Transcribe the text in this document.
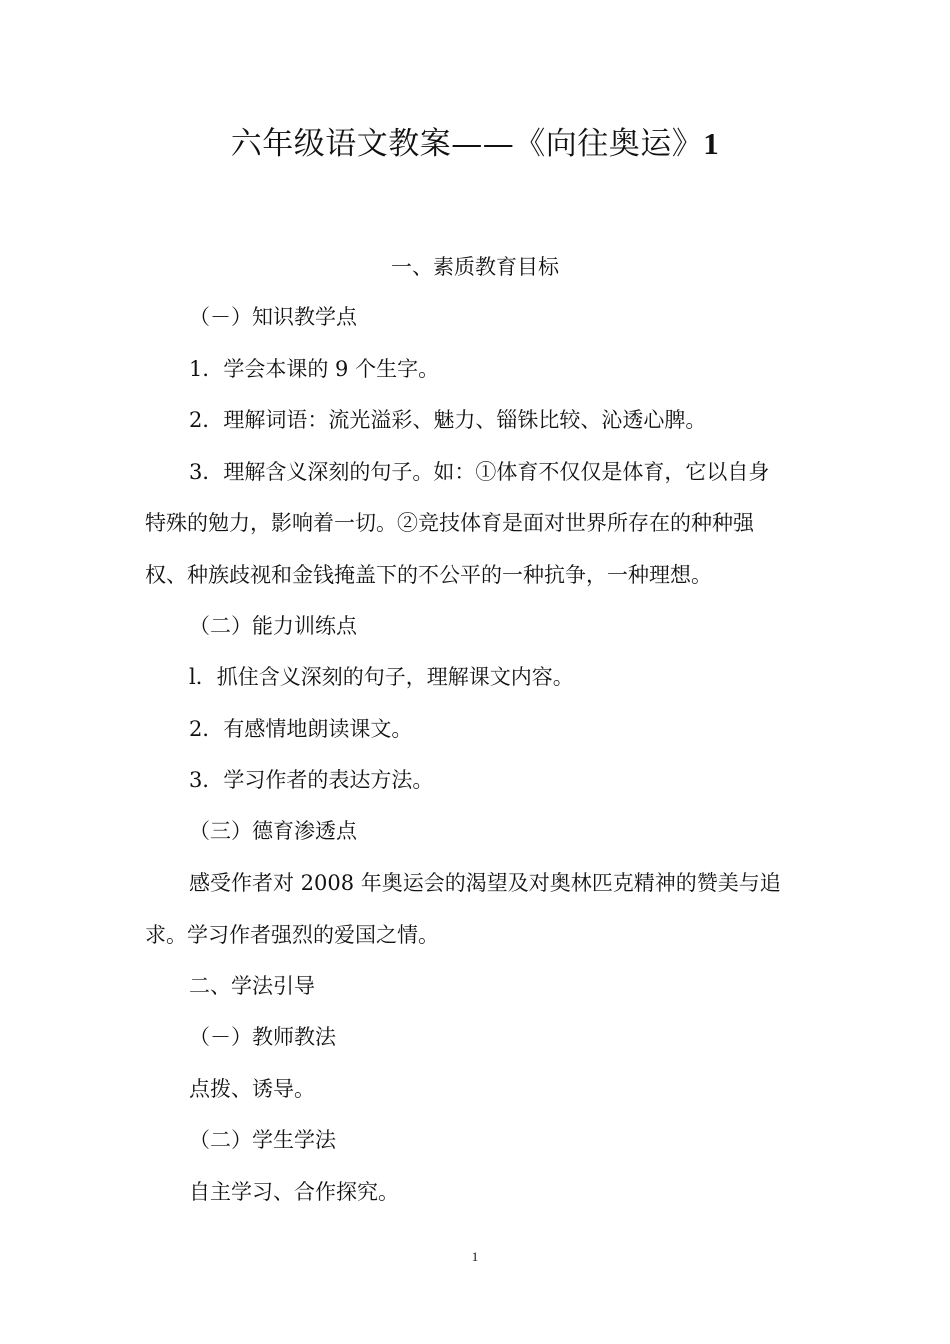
六年级语文教案——《向往奥运》1

一、素质教育目标

（－）知识教学点

1．学会本课的 9 个生字。

2．理解词语：流光溢彩、魅力、锱铢比较、沁透心脾。

3．理解含义深刻的句子。如：①体育不仅仅是体育，它以自身

特殊的勉力，影响着一切。②竞技体育是面对世界所存在的种种强

权、种族歧视和金钱掩盖下的不公平的一种抗争，一种理想。

（二）能力训练点

l．抓住含义深刻的句子，理解课文内容。

2．有感情地朗读课文。

3．学习作者的表达方法。

（三）德育渗透点

感受作者对 2008 年奥运会的渴望及对奥林匹克精神的赞美与追

求。学习作者强烈的爱国之情。

二、学法引导

（－）教师教法

点拨、诱导。

（二）学生学法

自主学习、合作探究。

1
